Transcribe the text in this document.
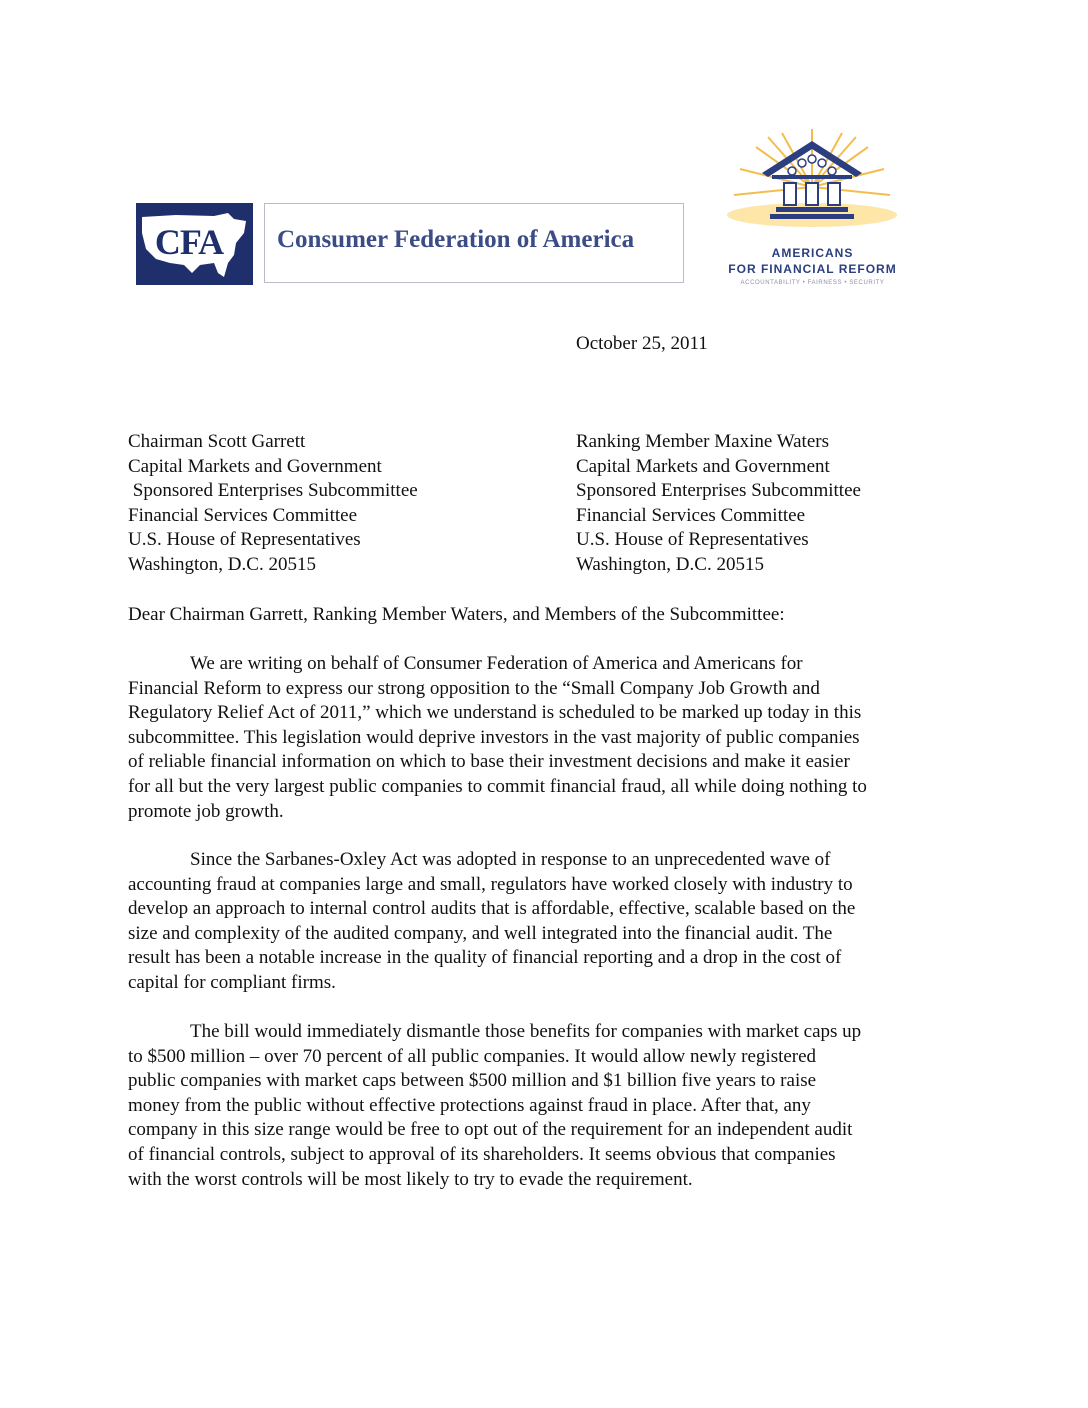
CFA	Consumer Federation of America	AMERICANS
FOR FINANCIAL REFORM
ACCOUNTABILITY • FAIRNESS • SECURITY
October 25, 2011
Chairman Scott Garrett
Capital Markets and Government
Sponsored Enterprises Subcommittee
Financial Services Committee
U.S. House of Representatives
Washington, D.C. 20515
Ranking Member Maxine Waters
Capital Markets and Government
Sponsored Enterprises Subcommittee
Financial Services Committee
U.S. House of Representatives
Washington, D.C. 20515
Dear Chairman Garrett, Ranking Member Waters, and Members of the Subcommittee:
We are writing on behalf of Consumer Federation of America and Americans for
Financial Reform to express our strong opposition to the “Small Company Job Growth and
Regulatory Relief Act of 2011,” which we understand is scheduled to be marked up today in this
subcommittee. This legislation would deprive investors in the vast majority of public companies
of reliable financial information on which to base their investment decisions and make it easier
for all but the very largest public companies to commit financial fraud, all while doing nothing to
promote job growth.
Since the Sarbanes-Oxley Act was adopted in response to an unprecedented wave of
accounting fraud at companies large and small, regulators have worked closely with industry to
develop an approach to internal control audits that is affordable, effective, scalable based on the
size and complexity of the audited company, and well integrated into the financial audit. The
result has been a notable increase in the quality of financial reporting and a drop in the cost of
capital for compliant firms.
The bill would immediately dismantle those benefits for companies with market caps up
to $500 million – over 70 percent of all public companies. It would allow newly registered
public companies with market caps between $500 million and $1 billion five years to raise
money from the public without effective protections against fraud in place. After that, any
company in this size range would be free to opt out of the requirement for an independent audit
of financial controls, subject to approval of its shareholders. It seems obvious that companies
with the worst controls will be most likely to try to evade the requirement.
